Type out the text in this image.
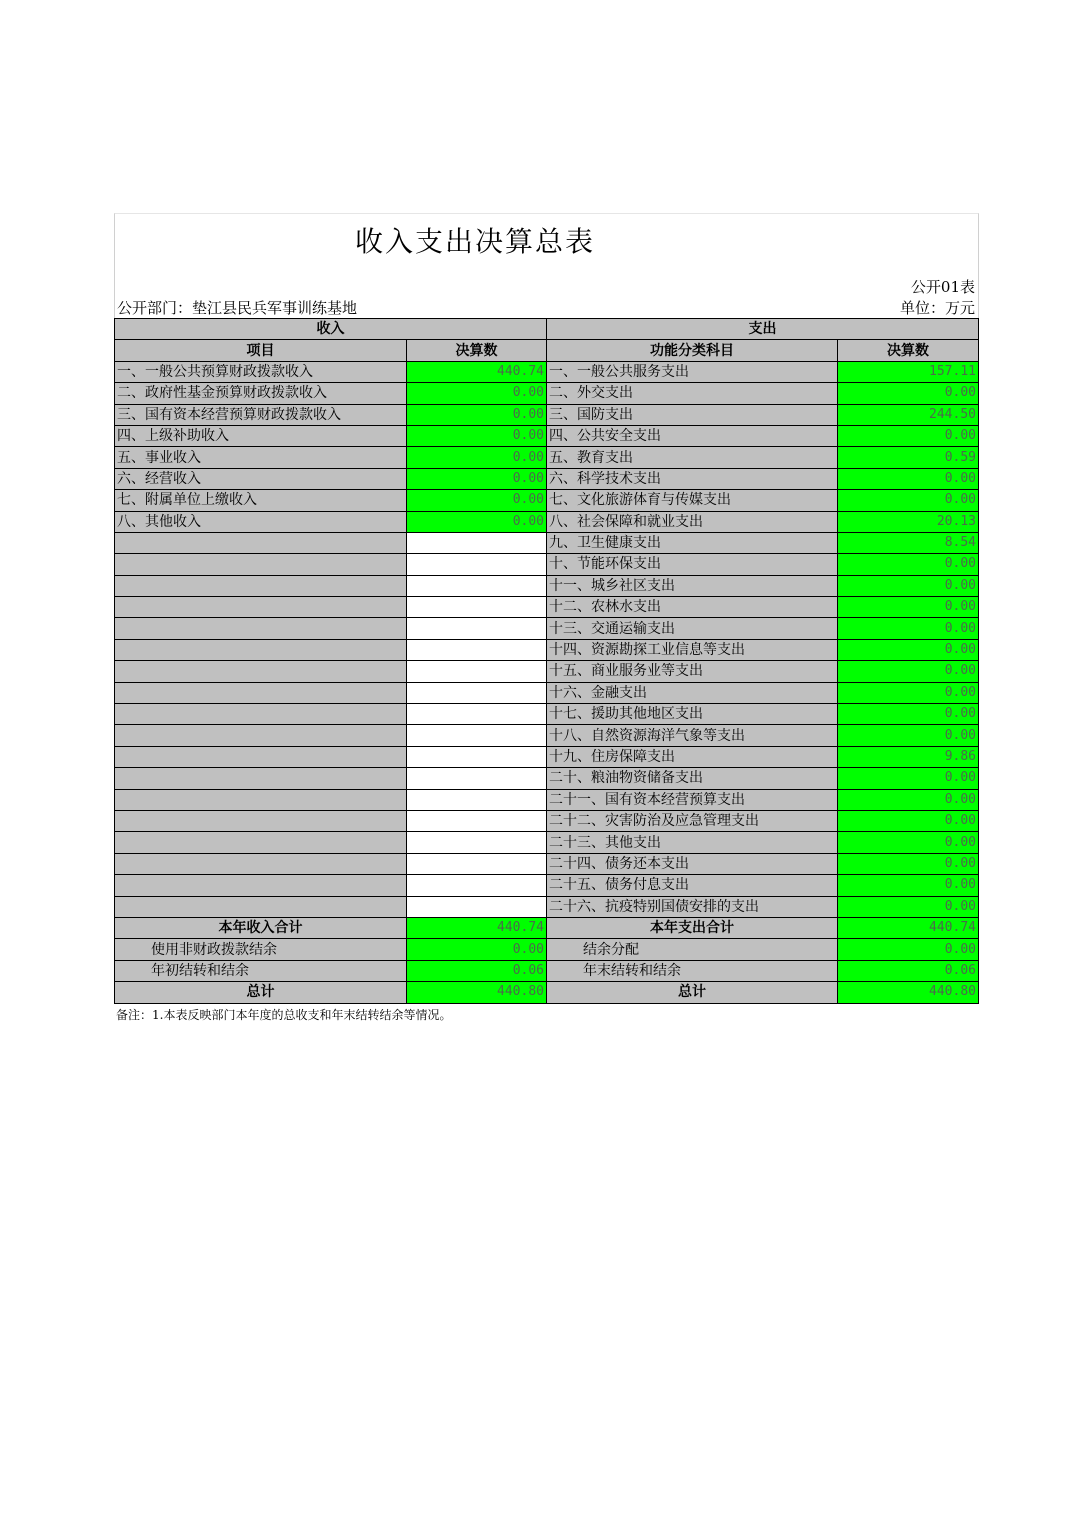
收入支出决算总表
公开01表
公开部门：垫江县民兵军事训练基地	单位：万元
收入		支出	
项目	决算数	功能分类科目	决算数
一、一般公共预算财政拨款收入	440.74	一、一般公共服务支出	157.11
二、政府性基金预算财政拨款收入	0.00	二、外交支出	0.00
三、国有资本经营预算财政拨款收入	0.00	三、国防支出	244.50
四、上级补助收入	0.00	四、公共安全支出	0.00
五、事业收入	0.00	五、教育支出	0.59
六、经营收入	0.00	六、科学技术支出	0.00
七、附属单位上缴收入	0.00	七、文化旅游体育与传媒支出	0.00
八、其他收入	0.00	八、社会保障和就业支出	20.13
		九、卫生健康支出	8.54
		十、节能环保支出	0.00
		十一、城乡社区支出	0.00
		十二、农林水支出	0.00
		十三、交通运输支出	0.00
		十四、资源勘探工业信息等支出	0.00
		十五、商业服务业等支出	0.00
		十六、金融支出	0.00
		十七、援助其他地区支出	0.00
		十八、自然资源海洋气象等支出	0.00
		十九、住房保障支出	9.86
		二十、粮油物资储备支出	0.00
		二十一、国有资本经营预算支出	0.00
		二十二、灾害防治及应急管理支出	0.00
		二十三、其他支出	0.00
		二十四、债务还本支出	0.00
		二十五、债务付息支出	0.00
		二十六、抗疫特别国债安排的支出	0.00
本年收入合计	440.74	本年支出合计	440.74
使用非财政拨款结余	0.00	结余分配	0.00
年初结转和结余	0.06	年末结转和结余	0.06
总计	440.80	总计	440.80
备注：1.本表反映部门本年度的总收支和年末结转结余等情况。
